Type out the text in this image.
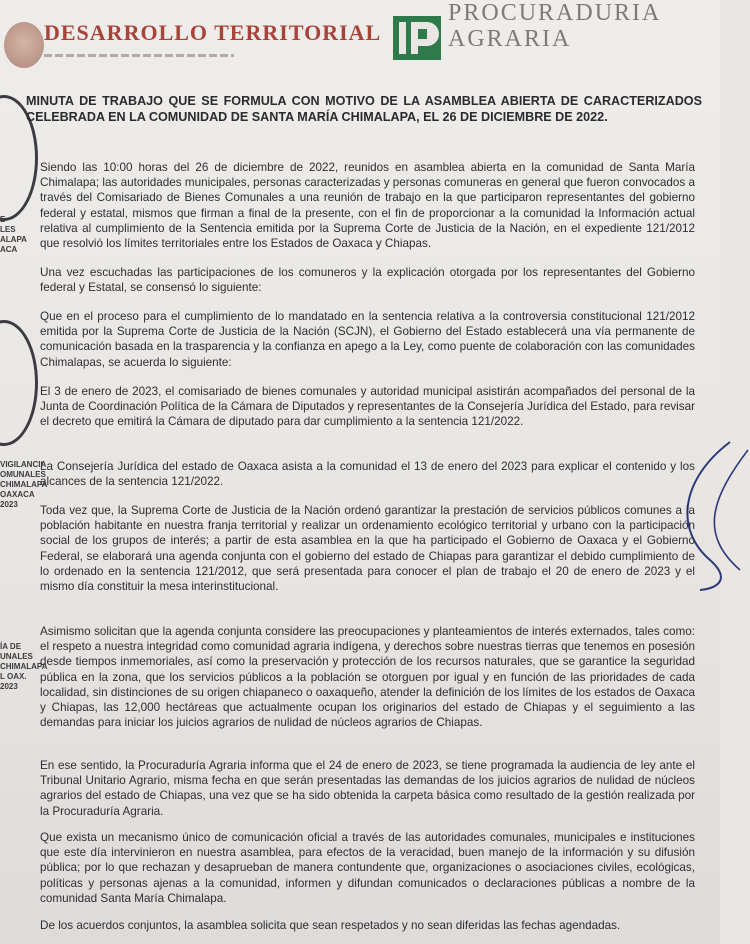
DESARROLLO TERRITORIAL
PROCURADURIA
AGRARIA
E
LES
ALAPA
ACA
VIGILANCIA
OMUNALES
CHIMALAPA
OAXACA
2023
ÍA DE
UNALES
CHIMALAPA
L OAX.
2023
MINUTA DE TRABAJO QUE SE FORMULA CON MOTIVO DE LA ASAMBLEA ABIERTA DE CARACTERIZADOS CELEBRADA EN LA COMUNIDAD DE SANTA MARÍA CHIMALAPA, EL 26 DE DICIEMBRE DE 2022.

Siendo las 10:00 horas del 26 de diciembre de 2022, reunidos en asamblea abierta en la comunidad de Santa María Chimalapa; las autoridades municipales, personas caracterizadas y personas comuneras en general que fueron convocados a través del Comisariado de Bienes Comunales a una reunión de trabajo en la que participaron representantes del gobierno federal y estatal, mismos que firman a final de la presente, con el fin de proporcionar a la comunidad la Información actual relativa al cumplimiento de la Sentencia emitida por la Suprema Corte de Justicia de la Nación, en el expediente 121/2012 que resolvió los límites territoriales entre los Estados de Oaxaca y Chiapas.

Una vez escuchadas las participaciones de los comuneros y la explicación otorgada por los representantes del Gobierno federal y Estatal, se consensó lo siguiente:

Que en el proceso para el cumplimiento de lo mandatado en la sentencia relativa a la controversia constitucional 121/2012 emitida por la Suprema Corte de Justicia de la Nación (SCJN), el Gobierno del Estado establecerá una vía permanente de comunicación basada en la trasparencia y la confianza en apego a la Ley, como puente de colaboración con las comunidades Chimalapas, se acuerda lo siguiente:

El 3 de enero de 2023, el comisariado de bienes comunales y autoridad municipal asistirán acompañados del personal de la Junta de Coordinación Política de la Cámara de Diputados y representantes de la Consejería Jurídica del Estado, para revisar el decreto que emitirá la Cámara de diputado para dar cumplimiento a la sentencia 121/2022.

La Consejería Jurídica del estado de Oaxaca asista a la comunidad el 13 de enero del 2023 para explicar el contenido y los alcances de la sentencia 121/2022.

Toda vez que, la Suprema Corte de Justicia de la Nación ordenó garantizar la prestación de servicios públicos comunes a la población habitante en nuestra franja territorial y realizar un ordenamiento ecológico territorial y urbano con la participación social de los grupos de interés; a partir de esta asamblea en la que ha participado el Gobierno de Oaxaca y el Gobierno Federal, se elaborará una agenda conjunta con el gobierno del estado de Chiapas para garantizar el debido cumplimiento de lo ordenado en la sentencia 121/2012, que será presentada para conocer el plan de trabajo el 20 de enero de 2023 y el mismo día constituir la mesa interinstitucional.

Asimismo solicitan que la agenda conjunta considere las preocupaciones y planteamientos de interés externados, tales como: el respeto a nuestra integridad como comunidad agraria indígena, y derechos sobre nuestras tierras que tenemos en posesión desde tiempos inmemoriales, así como la preservación y protección de los recursos naturales, que se garantice la seguridad pública en la zona, que los servicios públicos a la población se otorguen por igual y en función de las prioridades de cada localidad, sin distinciones de su origen chiapaneco o oaxaqueño, atender la definición de los límites de los estados de Oaxaca y Chiapas, las 12,000 hectáreas que actualmente ocupan los originarios del estado de Chiapas y el seguimiento a las demandas para iniciar los juicios agrarios de nulidad de núcleos agrarios de Chiapas.

En ese sentido, la Procuraduría Agraria informa que el 24 de enero de 2023, se tiene programada la audiencia de ley ante el Tribunal Unitario Agrario, misma fecha en que serán presentadas las demandas de los juicios agrarios de nulidad de núcleos agrarios del estado de Chiapas, una vez que se ha sido obtenida la carpeta básica como resultado de la gestión realizada por la Procuraduría Agraria.

Que exista un mecanismo único de comunicación oficial a través de las autoridades comunales, municipales e instituciones que este día intervinieron en nuestra asamblea, para efectos de la veracidad, buen manejo de la información y su difusión pública; por lo que rechazan y desaprueban de manera contundente que, organizaciones o asociaciones civiles, ecológicas, políticas y personas ajenas a la comunidad, informen y difundan comunicados o declaraciones públicas a nombre de la comunidad Santa María Chimalapa.

De los acuerdos conjuntos, la asamblea solicita que sean respetados y no sean diferidas las fechas agendadas.
